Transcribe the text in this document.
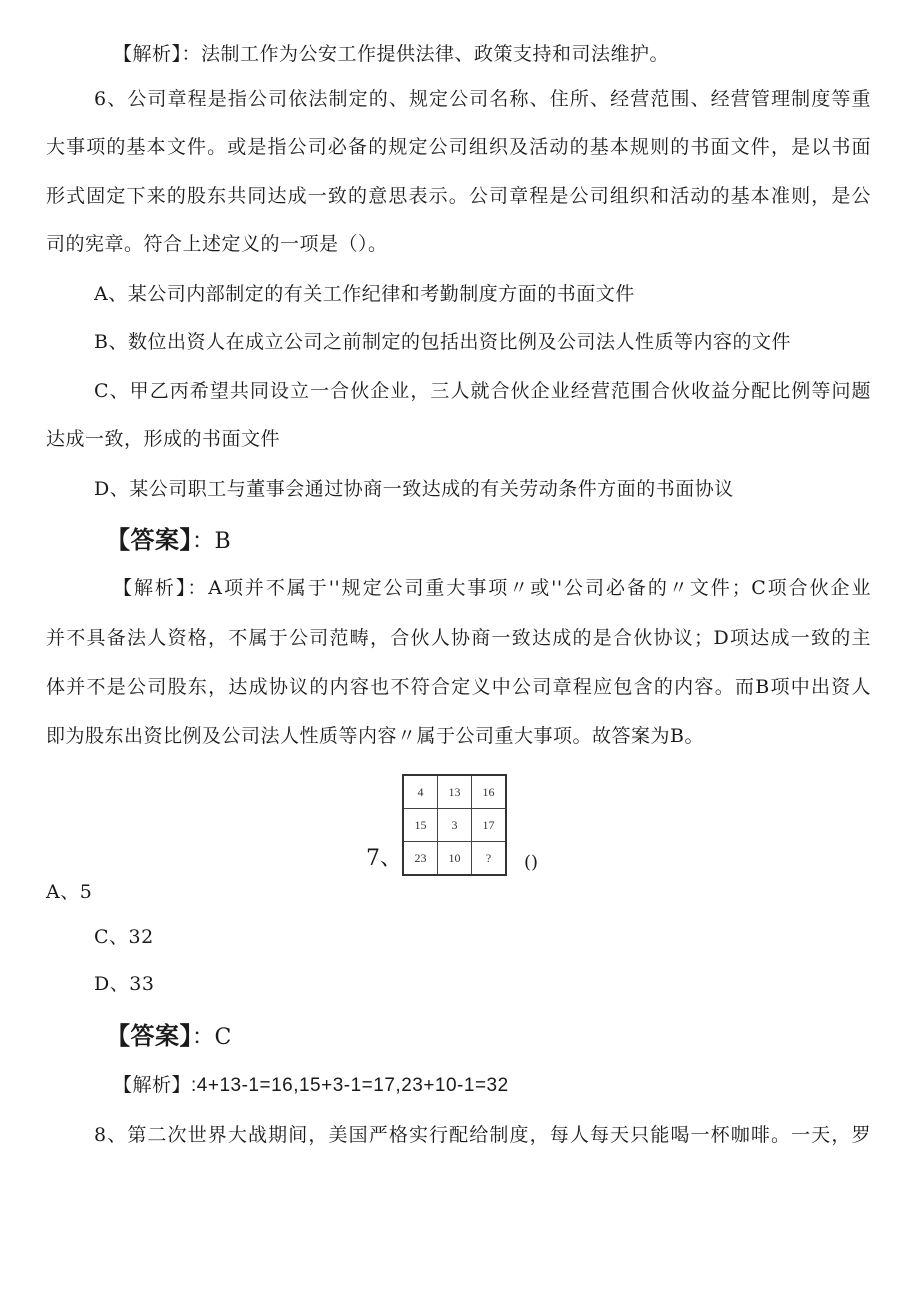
【解析】：法制工作为公安工作提供法律、政策支持和司法维护。
6、公司章程是指公司依法制定的、规定公司名称、住所、经营范围、经营管理制度等重
大事项的基本文件。或是指公司必备的规定公司组织及活动的基本规则的书面文件，是以书面
形式固定下来的股东共同达成一致的意思表示。公司章程是公司组织和活动的基本准则，是公
司的宪章。符合上述定义的一项是（）。
A、某公司内部制定的有关工作纪律和考勤制度方面的书面文件
B、数位出资人在成立公司之前制定的包括出资比例及公司法人性质等内容的文件
C、甲乙丙希望共同设立一合伙企业，三人就合伙企业经营范围合伙收益分配比例等问题
达成一致，形成的书面文件
D、某公司职工与董事会通过协商一致达成的有关劳动条件方面的书面协议
【答案】：B
【解析】：A项并不属于''规定公司重大事项〃或''公司必备的〃文件；C项合伙企业
并不具备法人资格，不属于公司范畴，合伙人协商一致达成的是合伙协议；D项达成一致的主
体并不是公司股东，达成协议的内容也不符合定义中公司章程应包含的内容。而B项中出资人
即为股东出资比例及公司法人性质等内容〃属于公司重大事项。故答案为B。
7、
4	13	16
15	3	17
23	10	? ()
A、5
C、32
D、33
【答案】：C
【解析】:4+13-1=16,15+3-1=17,23+10-1=32
8、第二次世界大战期间，美国严格实行配给制度，每人每天只能喝一杯咖啡。一天，罗
